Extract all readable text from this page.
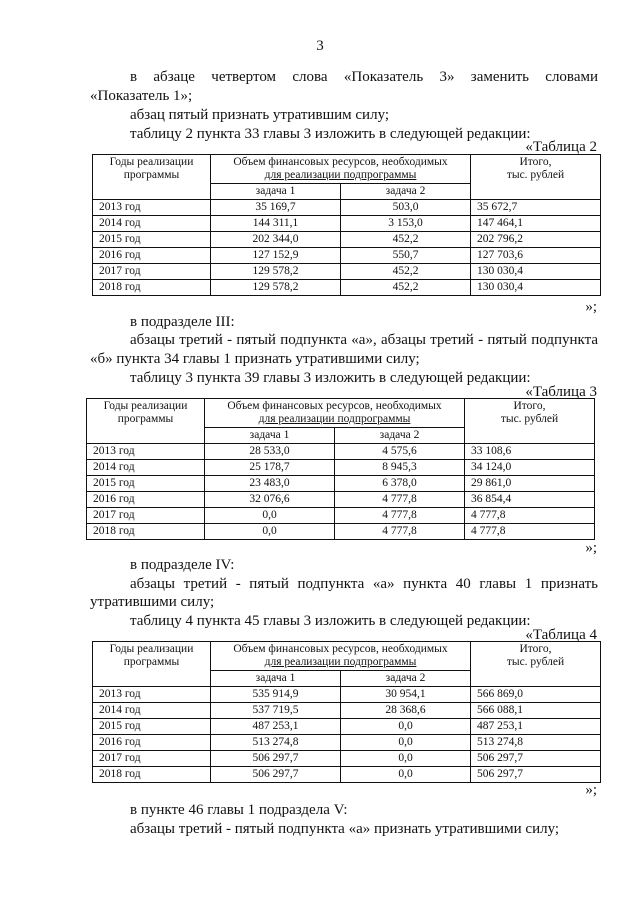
3

в абзаце четвертом слова «Показатель 3» заменить словами

«Показатель 1»;

абзац пятый признать утратившим силу;

таблицу 2 пункта 33 главы 3 изложить в следующей редакции:

«Таблица 2
Годы реализации
программы	Объем финансовых ресурсов, необходимых
для реализации подпрограммы		Итого,
тыс. рублей
	задача 1	задача 2	
2013 год	35 169,7	503,0	35 672,7
2014 год	144 311,1	3 153,0	147 464,1
2015 год	202 344,0	452,2	202 796,2
2016 год	127 152,9	550,7	127 703,6
2017 год	129 578,2	452,2	130 030,4
2018 год	129 578,2	452,2	130 030,4
»;

в подразделе III:

абзацы третий - пятый подпункта «а», абзацы третий - пятый подпункта

«б» пункта 34 главы 1 признать утратившими силу;

таблицу 3 пункта 39 главы 3 изложить в следующей редакции:

«Таблица 3
Годы реализации
программы	Объем финансовых ресурсов, необходимых
для реализации подпрограммы		Итого,
тыс. рублей
	задача 1	задача 2	
2013 год	28 533,0	4 575,6	33 108,6
2014 год	25 178,7	8 945,3	34 124,0
2015 год	23 483,0	6 378,0	29 861,0
2016 год	32 076,6	4 777,8	36 854,4
2017 год	0,0	4 777,8	4 777,8
2018 год	0,0	4 777,8	4 777,8
»;

в подразделе IV:

абзацы третий - пятый подпункта «а» пункта 40 главы 1 признать

утратившими силу;

таблицу 4 пункта 45 главы 3 изложить в следующей редакции:

«Таблица 4
Годы реализации
программы	Объем финансовых ресурсов, необходимых
для реализации подпрограммы		Итого,
тыс. рублей
	задача 1	задача 2	
2013 год	535 914,9	30 954,1	566 869,0
2014 год	537 719,5	28 368,6	566 088,1
2015 год	487 253,1	0,0	487 253,1
2016 год	513 274,8	0,0	513 274,8
2017 год	506 297,7	0,0	506 297,7
2018 год	506 297,7	0,0	506 297,7
»;

в пункте 46 главы 1 подраздела V:

абзацы третий - пятый подпункта «а» признать утратившими силу;
